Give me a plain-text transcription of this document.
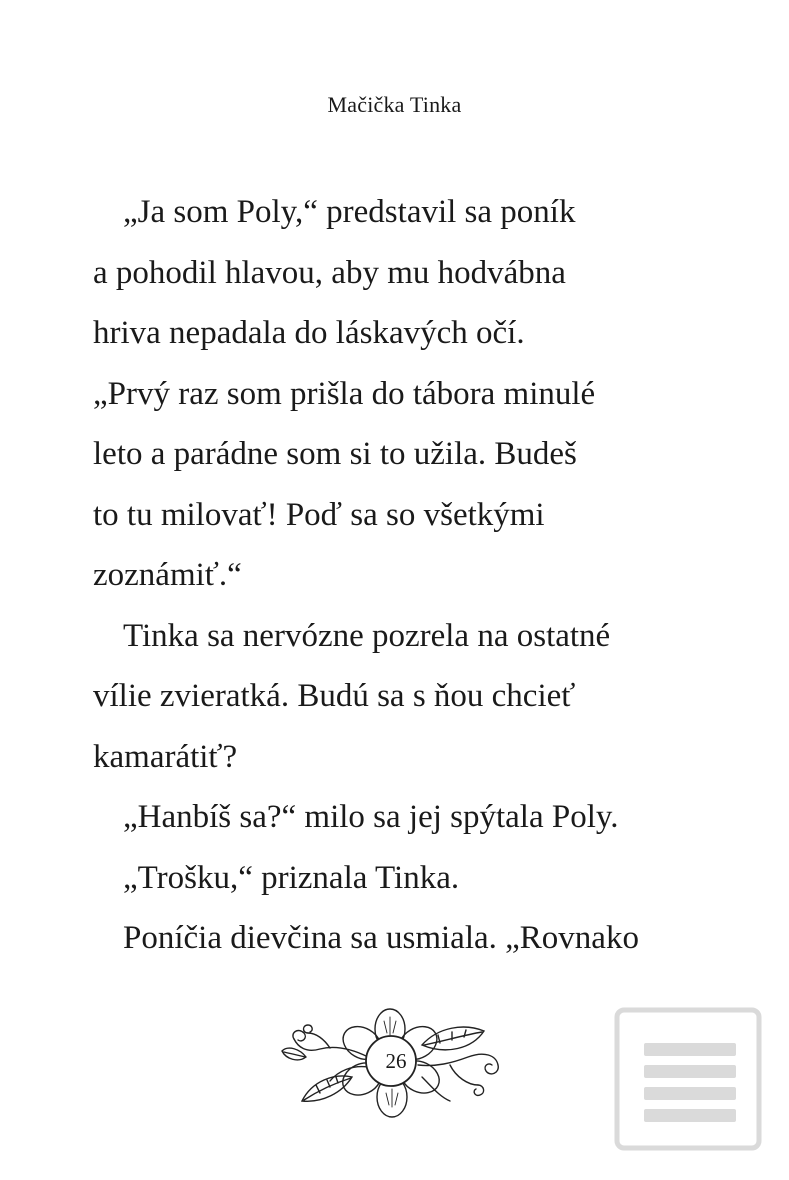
Mačička Tinka
„Ja som Poly,“ predstavil sa poník
a pohodil hlavou, aby mu hodvábna
hriva nepadala do láskavých očí.
„Prvý raz som prišla do tábora minulé
leto a parádne som si to užila. Budeš
to tu milovať! Poď sa so všetkými
zoznámiť.“
Tinka sa nervózne pozrela na ostatné
vílie zvieratká. Budú sa s ňou chcieť
kamarátiť?
„Hanbíš sa?“ milo sa jej spýtala Poly.
„Trošku,“ priznala Tinka.
Poníčia dievčina sa usmiala. „Rovnako
26
